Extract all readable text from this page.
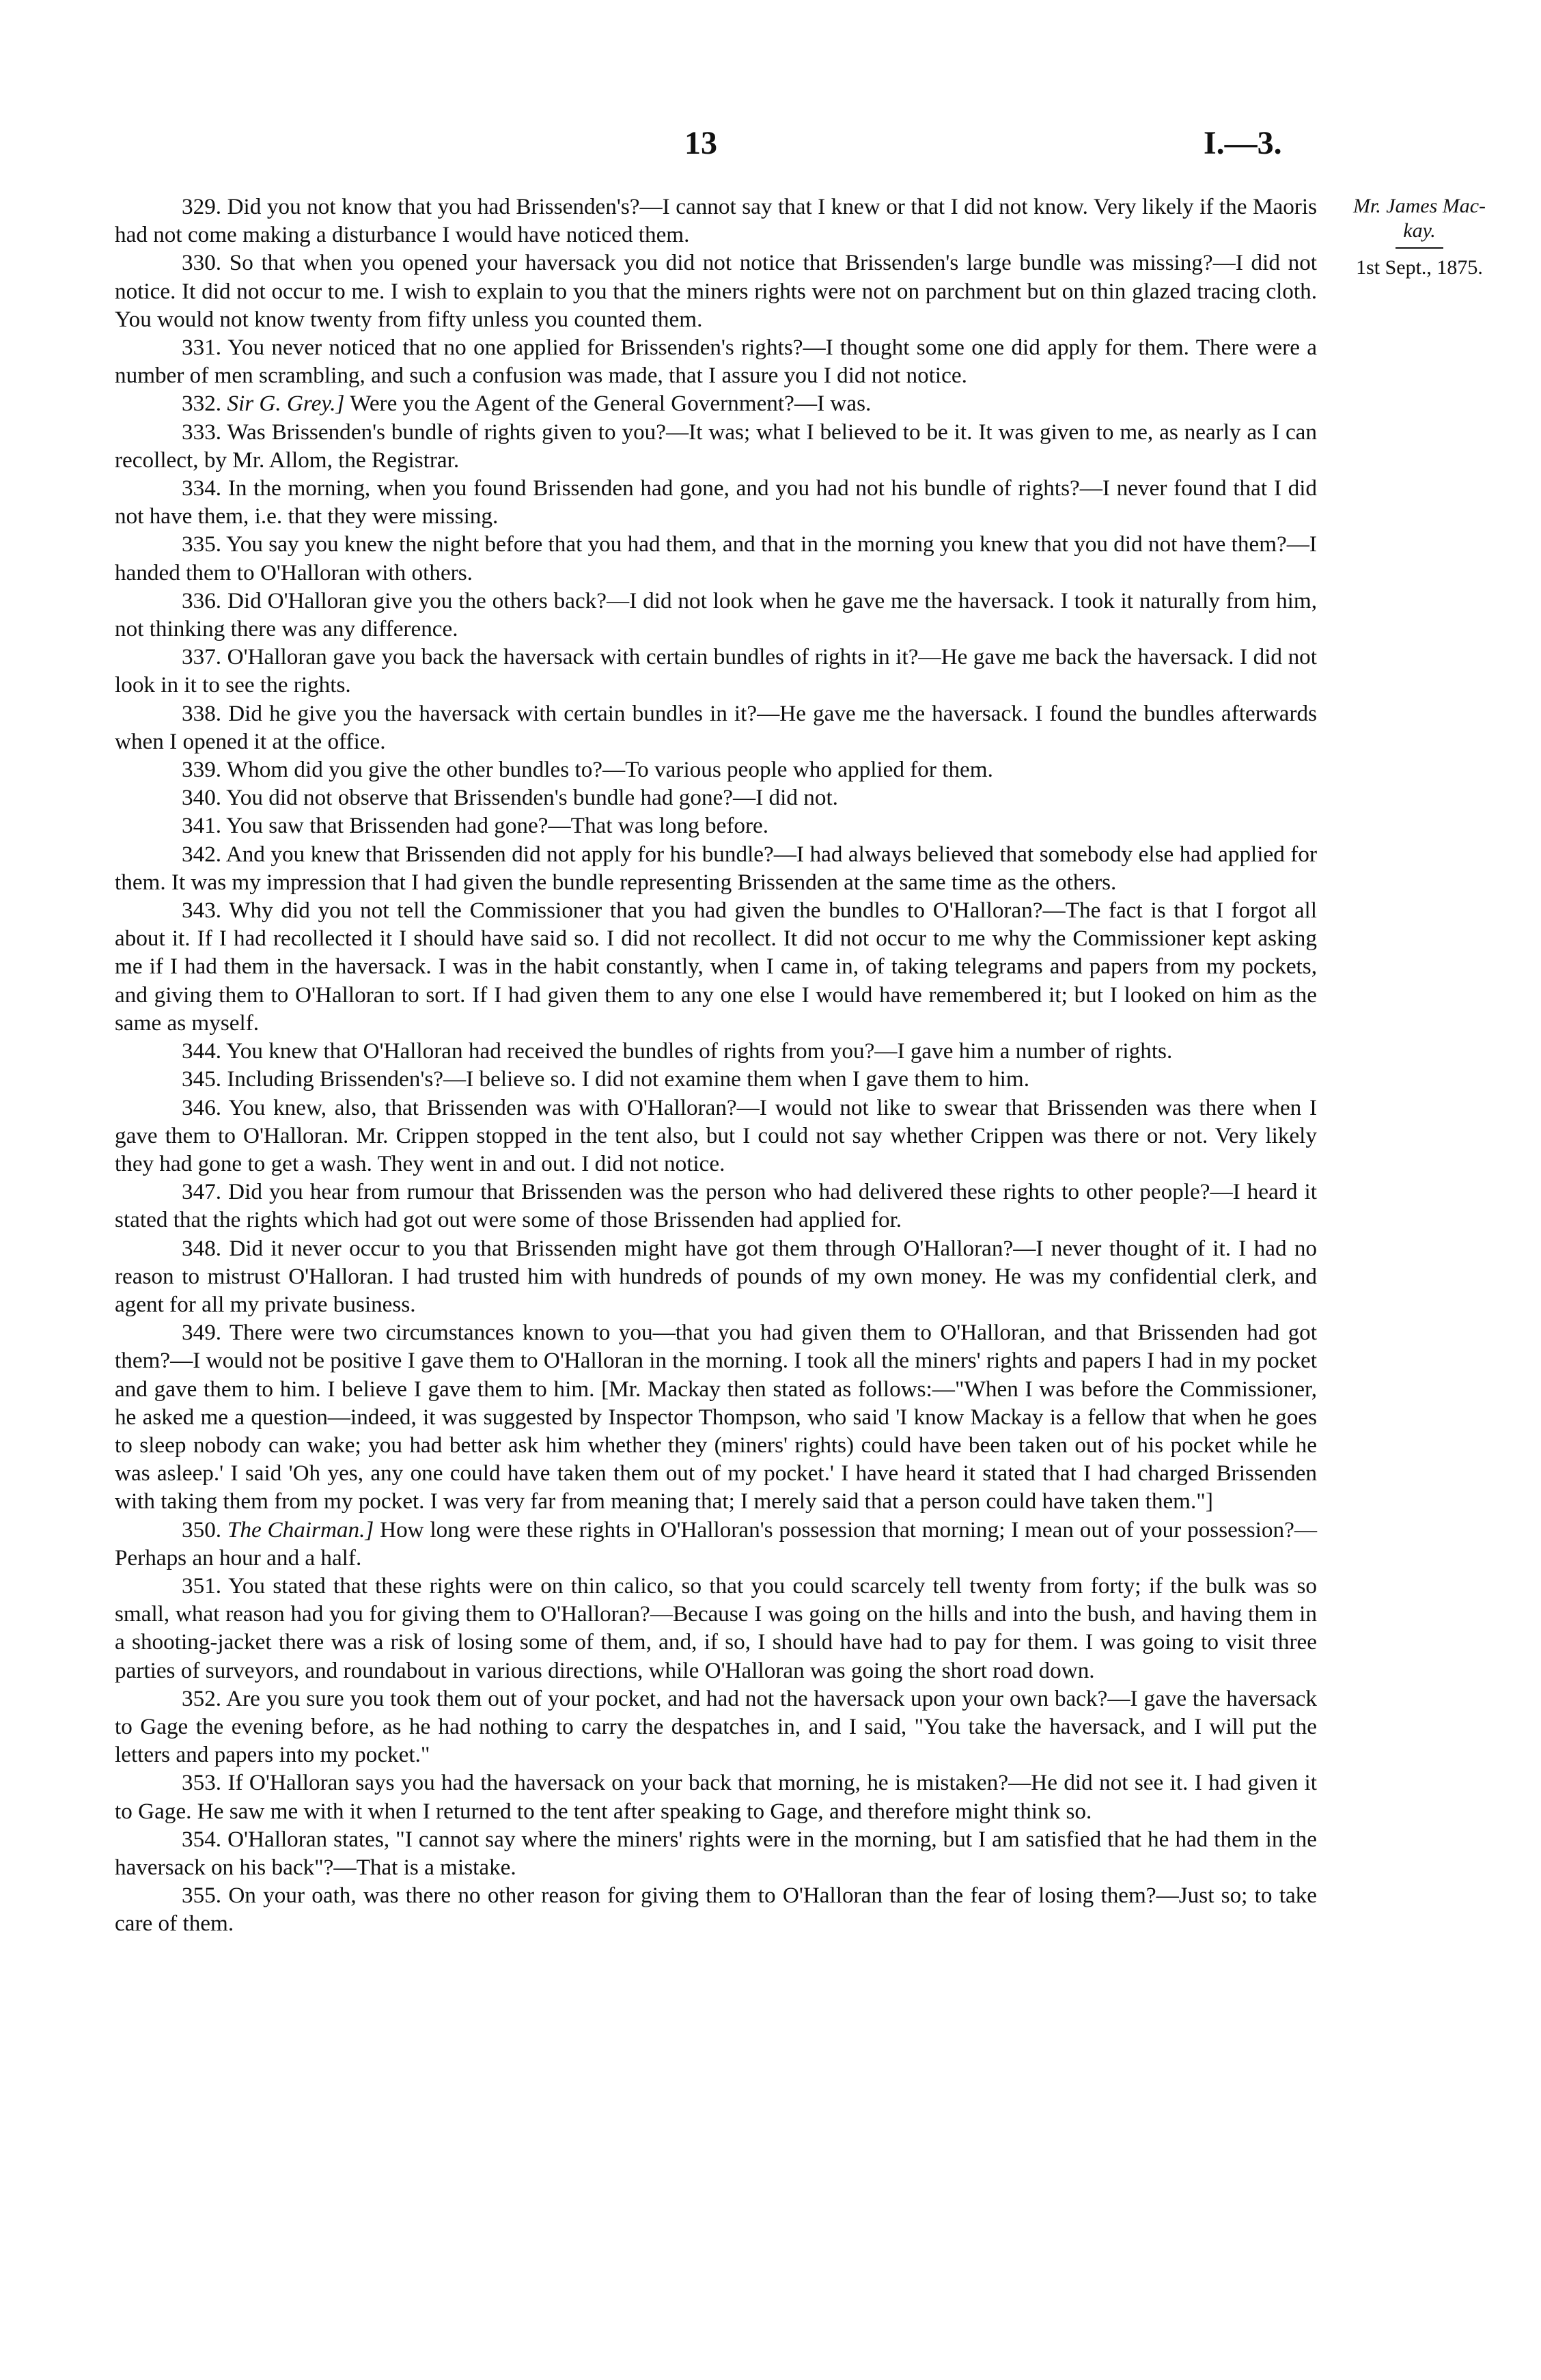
13	I.—3.
Mr. James Mac-
kay.
1st Sept., 1875.

329. Did you not know that you had Brissenden's?—I cannot say that I knew or that I did not know. Very likely if the Maoris had not come making a disturbance I would have noticed them.

330. So that when you opened your haversack you did not notice that Brissenden's large bundle was missing?—I did not notice. It did not occur to me. I wish to explain to you that the miners rights were not on parchment but on thin glazed tracing cloth. You would not know twenty from fifty unless you counted them.

331. You never noticed that no one applied for Brissenden's rights?—I thought some one did apply for them. There were a number of men scrambling, and such a confusion was made, that I assure you I did not notice.

332. Sir G. Grey.] Were you the Agent of the General Government?—I was.

333. Was Brissenden's bundle of rights given to you?—It was; what I believed to be it. It was given to me, as nearly as I can recollect, by Mr. Allom, the Registrar.

334. In the morning, when you found Brissenden had gone, and you had not his bundle of rights?—I never found that I did not have them, i.e. that they were missing.

335. You say you knew the night before that you had them, and that in the morning you knew that you did not have them?—I handed them to O'Halloran with others.

336. Did O'Halloran give you the others back?—I did not look when he gave me the haversack. I took it naturally from him, not thinking there was any difference.

337. O'Halloran gave you back the haversack with certain bundles of rights in it?—He gave me back the haversack. I did not look in it to see the rights.

338. Did he give you the haversack with certain bundles in it?—He gave me the haversack. I found the bundles afterwards when I opened it at the office.

339. Whom did you give the other bundles to?—To various people who applied for them.

340. You did not observe that Brissenden's bundle had gone?—I did not.

341. You saw that Brissenden had gone?—That was long before.

342. And you knew that Brissenden did not apply for his bundle?—I had always believed that somebody else had applied for them. It was my impression that I had given the bundle representing Brissenden at the same time as the others.

343. Why did you not tell the Commissioner that you had given the bundles to O'Halloran?—The fact is that I forgot all about it. If I had recollected it I should have said so. I did not recollect. It did not occur to me why the Commissioner kept asking me if I had them in the haversack. I was in the habit constantly, when I came in, of taking telegrams and papers from my pockets, and giving them to O'Halloran to sort. If I had given them to any one else I would have remembered it; but I looked on him as the same as myself.

344. You knew that O'Halloran had received the bundles of rights from you?—I gave him a number of rights.

345. Including Brissenden's?—I believe so. I did not examine them when I gave them to him.

346. You knew, also, that Brissenden was with O'Halloran?—I would not like to swear that Brissenden was there when I gave them to O'Halloran. Mr. Crippen stopped in the tent also, but I could not say whether Crippen was there or not. Very likely they had gone to get a wash. They went in and out. I did not notice.

347. Did you hear from rumour that Brissenden was the person who had delivered these rights to other people?—I heard it stated that the rights which had got out were some of those Brissenden had applied for.

348. Did it never occur to you that Brissenden might have got them through O'Halloran?—I never thought of it. I had no reason to mistrust O'Halloran. I had trusted him with hundreds of pounds of my own money. He was my confidential clerk, and agent for all my private business.

349. There were two circumstances known to you—that you had given them to O'Halloran, and that Brissenden had got them?—I would not be positive I gave them to O'Halloran in the morning. I took all the miners' rights and papers I had in my pocket and gave them to him. I believe I gave them to him. [Mr. Mackay then stated as follows:—"When I was before the Commissioner, he asked me a question—indeed, it was suggested by Inspector Thompson, who said 'I know Mackay is a fellow that when he goes to sleep nobody can wake; you had better ask him whether they (miners' rights) could have been taken out of his pocket while he was asleep.' I said 'Oh yes, any one could have taken them out of my pocket.' I have heard it stated that I had charged Brissenden with taking them from my pocket. I was very far from meaning that; I merely said that a person could have taken them."]

350. The Chairman.] How long were these rights in O'Halloran's possession that morning; I mean out of your possession?—Perhaps an hour and a half.

351. You stated that these rights were on thin calico, so that you could scarcely tell twenty from forty; if the bulk was so small, what reason had you for giving them to O'Halloran?—Because I was going on the hills and into the bush, and having them in a shooting-jacket there was a risk of losing some of them, and, if so, I should have had to pay for them. I was going to visit three parties of surveyors, and roundabout in various directions, while O'Halloran was going the short road down.

352. Are you sure you took them out of your pocket, and had not the haversack upon your own back?—I gave the haversack to Gage the evening before, as he had nothing to carry the despatches in, and I said, "You take the haversack, and I will put the letters and papers into my pocket."

353. If O'Halloran says you had the haversack on your back that morning, he is mistaken?—He did not see it. I had given it to Gage. He saw me with it when I returned to the tent after speaking to Gage, and therefore might think so.

354. O'Halloran states, "I cannot say where the miners' rights were in the morning, but I am satisfied that he had them in the haversack on his back"?—That is a mistake.

355. On your oath, was there no other reason for giving them to O'Halloran than the fear of losing them?—Just so; to take care of them.
